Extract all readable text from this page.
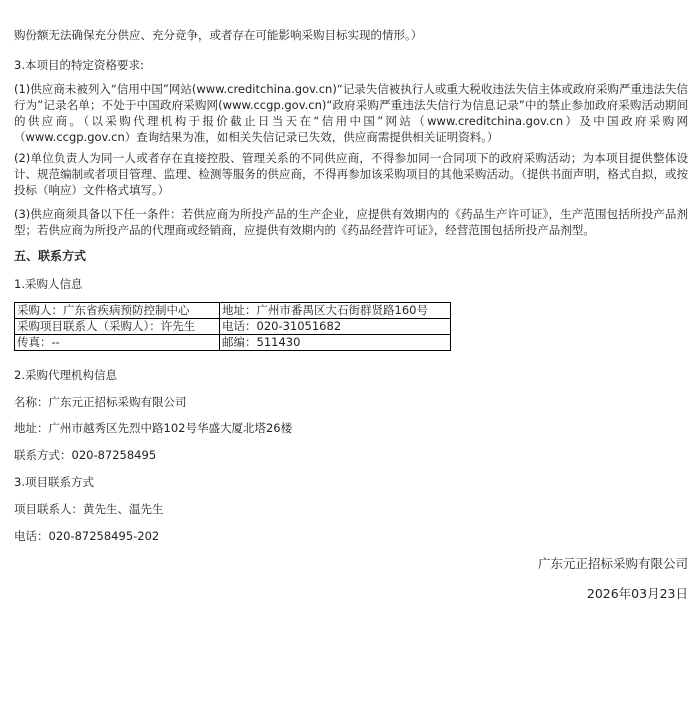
购份额无法确保充分供应、充分竞争，或者存在可能影响采购目标实现的情形。）

3.本项目的特定资格要求:

(1)供应商未被列入“信用中国”网站(www.creditchina.gov.cn)“记录失信被执行人或重大税收违法失信主体或政府采购严重违法失信行为”记录名单；不处于中国政府采购网(www.ccgp.gov.cn)“政府采购严重违法失信行为信息记录”中的禁止参加政府采购活动期间的供应商。（以采购代理机构于报价截止日当天在“信用中国”网站（www.creditchina.gov.cn）及中国政府采购网（www.ccgp.gov.cn）查询结果为准，如相关失信记录已失效，供应商需提供相关证明资料。）

(2)单位负责人为同一人或者存在直接控股、管理关系的不同供应商，不得参加同一合同项下的政府采购活动；为本项目提供整体设计、规范编制或者项目管理、监理、检测等服务的供应商，不得再参加该采购项目的其他采购活动。（提供书面声明，格式自拟，或按投标（响应）文件格式填写。）

(3)供应商须具备以下任一条件：若供应商为所投产品的生产企业，应提供有效期内的《药品生产许可证》，生产范围包括所投产品剂型；若供应商为所投产品的代理商或经销商，应提供有效期内的《药品经营许可证》，经营范围包括所投产品剂型。

五、联系方式

1.采购人信息

采购人：广东省疾病预防控制中心	地址：广州市番禺区大石街群贤路160号
采购项目联系人（采购人）：许先生	电话：020-31051682
传真：--	邮编：511430

2.采购代理机构信息

名称：广东元正招标采购有限公司

地址：广州市越秀区先烈中路102号华盛大厦北塔26楼

联系方式：020-87258495

3.项目联系方式

项目联系人：黄先生、温先生

电话：020-87258495-202

广东元正招标采购有限公司

2026年03月23日
